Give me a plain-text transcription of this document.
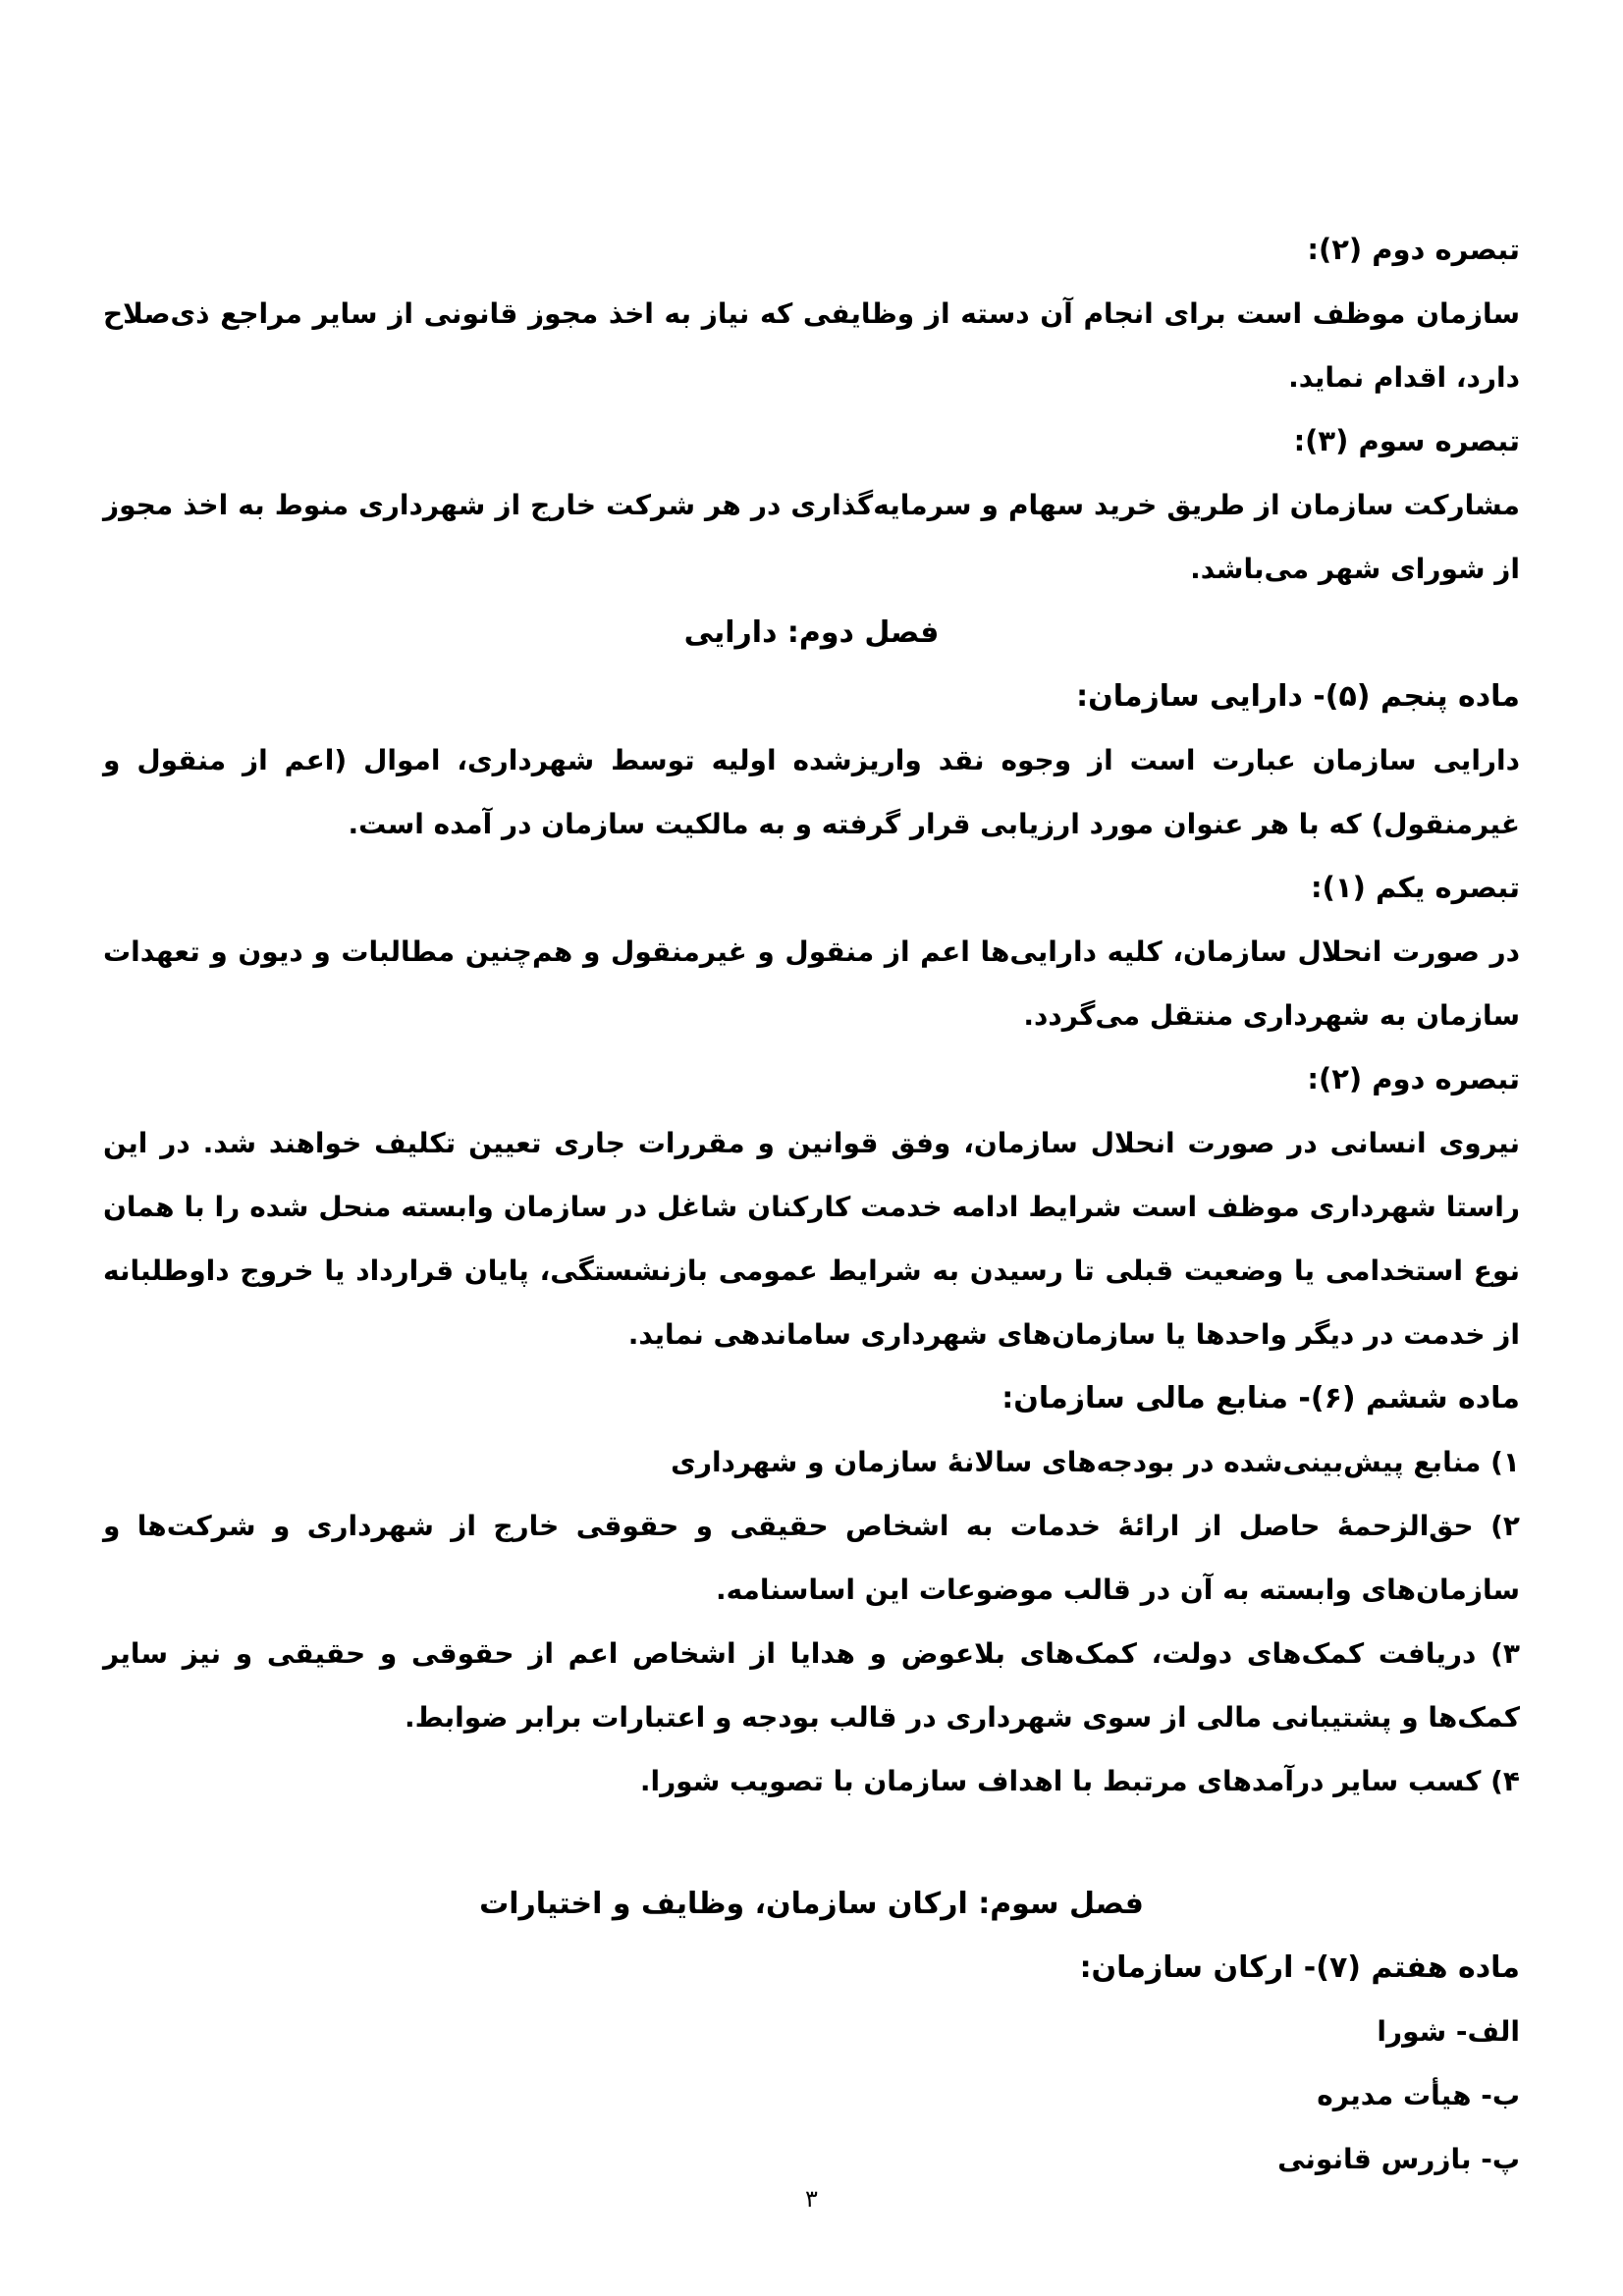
تبصره دوم (۲):

سازمان موظف است برای انجام آن دسته از وظایفی که نیاز به اخذ مجوز قانونی از سایر مراجع ذی‌صلاح دارد، اقدام نماید.

تبصره سوم (۳):

مشارکت سازمان از طریق خرید سهام و سرمایه‌گذاری در هر شرکت خارج از شهرداری منوط به اخذ مجوز از شورای شهر می‌باشد.

فصل دوم: دارایی

ماده پنجم (۵)- دارایی سازمان:

دارایی سازمان عبارت است از وجوه نقد واریزشده اولیه توسط شهرداری، اموال (اعم از منقول و غیرمنقول) که با هر عنوان مورد ارزیابی قرار گرفته و به مالکیت سازمان در آمده است.

تبصره یکم (۱):

در صورت انحلال سازمان، کلیه دارایی‌ها اعم از منقول و غیرمنقول و هم‌چنین مطالبات و دیون و تعهدات سازمان به شهرداری منتقل می‌گردد.

تبصره دوم (۲):

نیروی انسانی در صورت انحلال سازمان، وفق قوانین و مقررات جاری تعیین تکلیف خواهند شد. در این راستا شهرداری موظف است شرایط ادامه خدمت کارکنان شاغل در سازمان وابسته منحل شده را با همان نوع استخدامی یا وضعیت قبلی تا رسیدن به شرایط عمومی بازنشستگی، پایان قرارداد یا خروج داوطلبانه از خدمت در دیگر واحدها یا سازمان‌های شهرداری ساماندهی نماید.

ماده ششم (۶)- منابع مالی سازمان:

۱) منابع پیش‌بینی‌شده در بودجه‌های سالانهٔ سازمان و شهرداری

۲) حق‌الزحمهٔ حاصل از ارائهٔ خدمات به اشخاص حقیقی و حقوقی خارج از شهرداری و شرکت‌ها و سازمان‌های وابسته به آن در قالب موضوعات این اساسنامه.

۳) دریافت کمک‌های دولت، کمک‌های بلاعوض و هدایا از اشخاص اعم از حقوقی و حقیقی و نیز سایر کمک‌ها و پشتیبانی مالی از سوی شهرداری در قالب بودجه و اعتبارات برابر ضوابط.

۴) کسب سایر درآمدهای مرتبط با اهداف سازمان با تصویب شورا.

فصل سوم: ارکان سازمان، وظایف و اختیارات

ماده هفتم (۷)- ارکان سازمان:

الف- شورا

ب- هیأت مدیره

پ- بازرس قانونی

۳
